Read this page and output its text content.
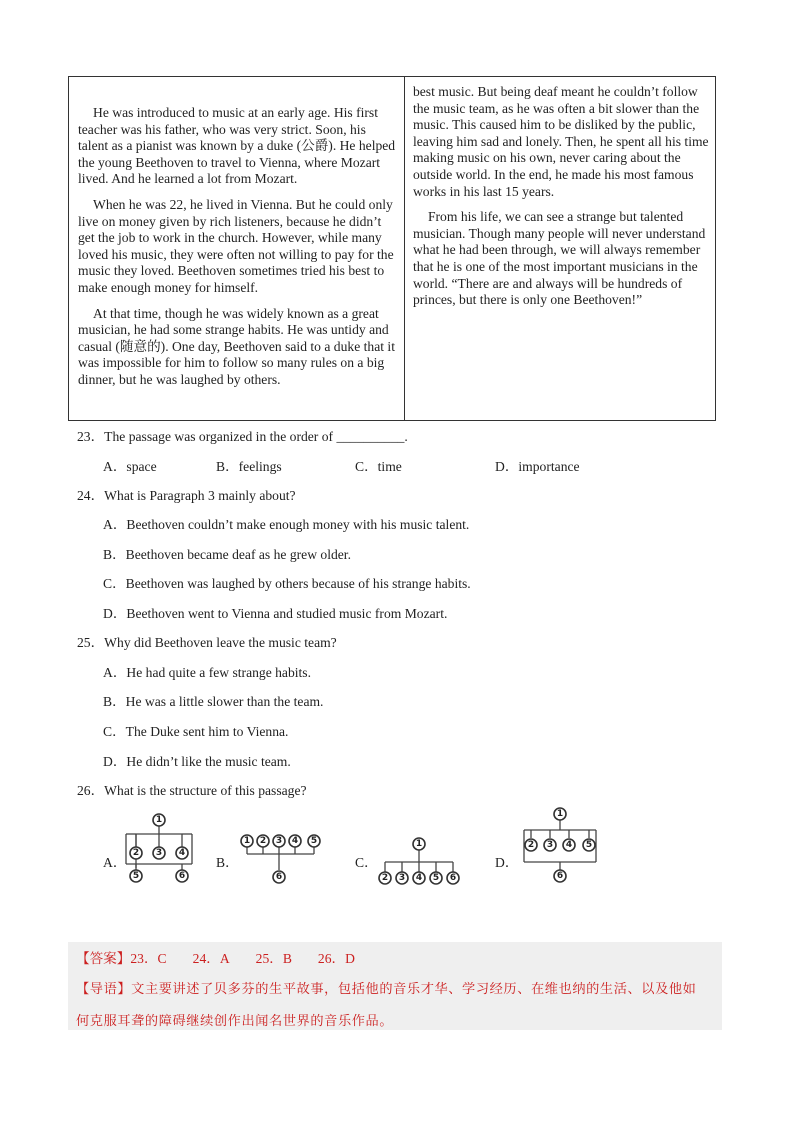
He was introduced to music at an early age. His first teacher was his father, who was very strict. Soon, his talent as a pianist was known by a duke (公爵). He helped the young Beethoven to travel to Vienna, where Mozart lived. And he learned a lot from Mozart.

When he was 22, he lived in Vienna. But he could only live on money given by rich listeners, because he didn’t get the job to work in the church. However, while many loved his music, they were often not willing to pay for the music they loved. Beethoven sometimes tried his best to make enough money for himself.

At that time, though he was widely known as a great musician, he had some strange habits. He was untidy and casual (随意的). One day, Beethoven said to a duke that it was impossible for him to follow so many rules on a big dinner, but he was laughed by others.

best music. But being deaf meant he couldn’t follow the music team, as he was often a bit slower than the music. This caused him to be disliked by the public, leaving him sad and lonely. Then, he spent all his time making music on his own, never caring about the outside world. In the end, he made his most famous works in his last 15 years.

From his life, we can see a strange but talented musician. Though many people will never understand what he had been through, we will always remember that he is one of the most important musicians in the world. “There are and always will be hundreds of princes, but there is only one Beethoven!”

23．The passage was organized in the order of __________.
A．space	B．feelings	C．time	D．importance
24．What is Paragraph 3 mainly about?
A．Beethoven couldn’t make enough money with his music talent.
B．Beethoven became deaf as he grew older.
C．Beethoven was laughed by others because of his strange habits.
D．Beethoven went to Vienna and studied music from Mozart.
25．Why did Beethoven leave the music team?
A．He had quite a few strange habits.
B．He was a little slower than the team.
C．The Duke sent him to Vienna.
D．He didn’t like the music team.
26．What is the structure of this passage?
A．	B．	C．	D．
1
2 3 4
5	6
1 2 3 4 5
6
1
2 3 4 5 6
1
2 3 4 5
6
【答案】23．C 24．A 25．B 26．D
【导语】文主要讲述了贝多芬的生平故事，包括他的音乐才华、学习经历、在维也纳的生活、以及他如
何克服耳聋的障碍继续创作出闻名世界的音乐作品。
